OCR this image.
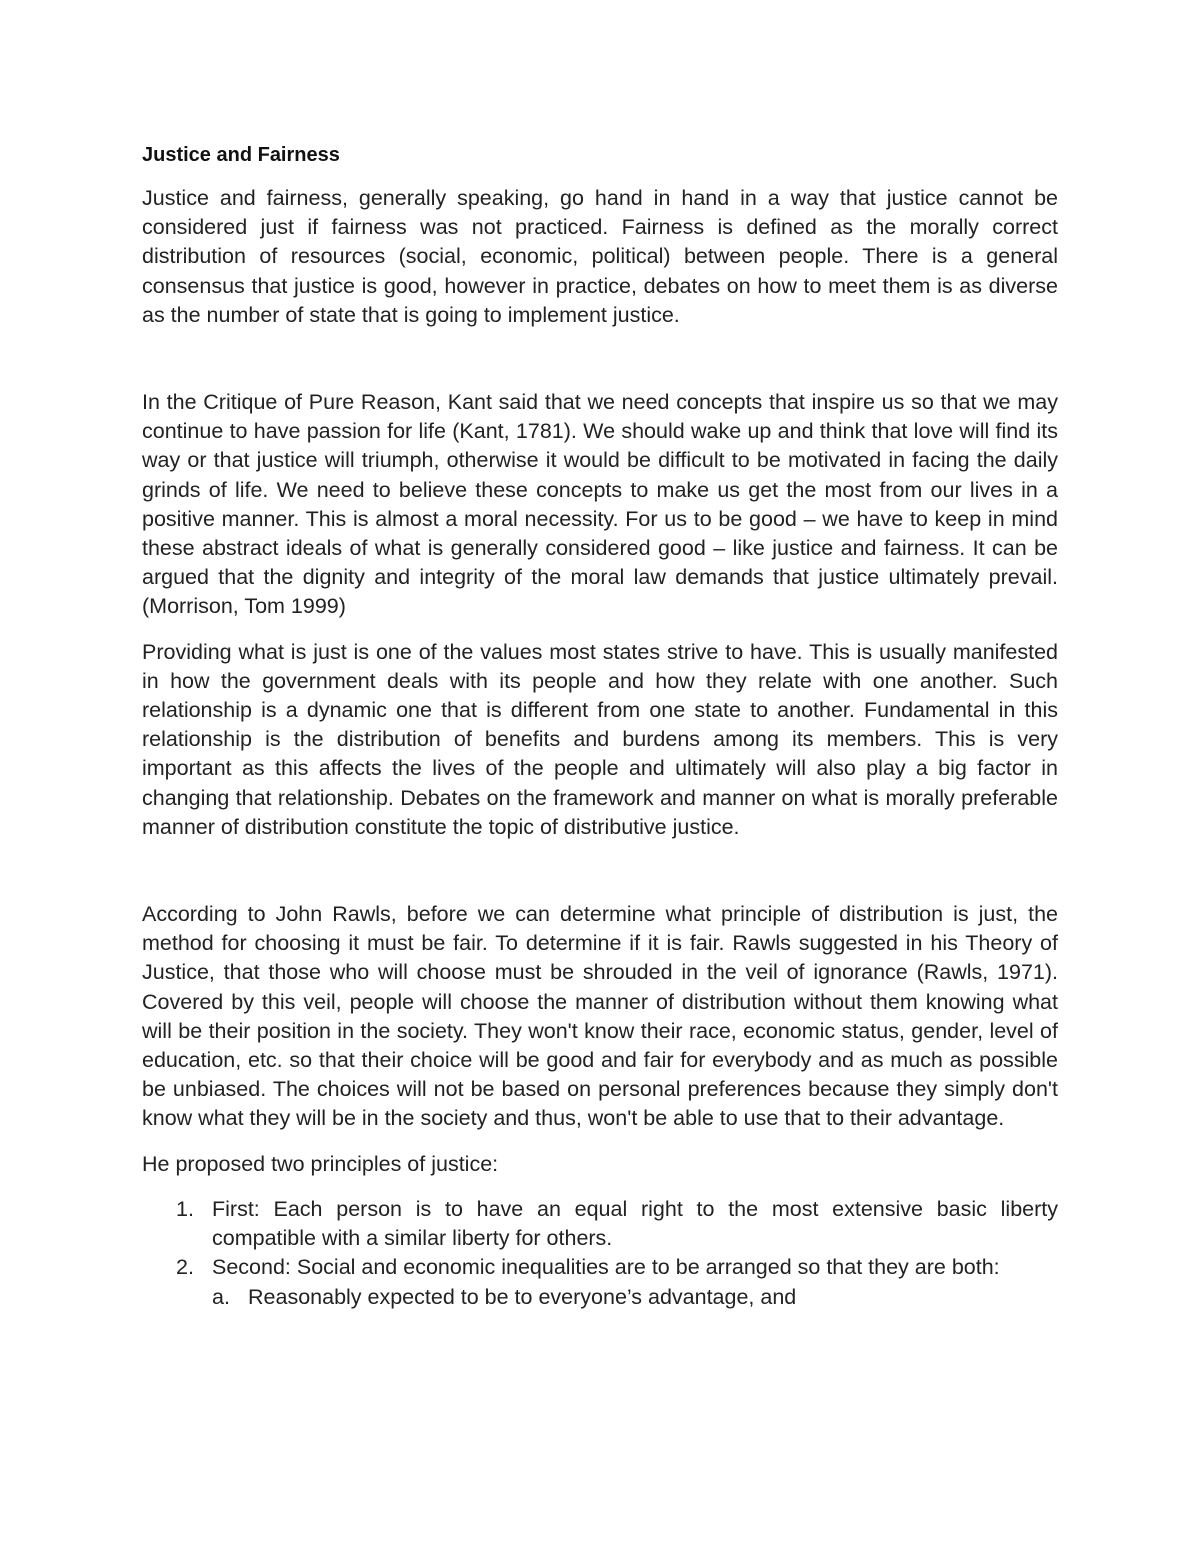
Justice and Fairness

Justice and fairness, generally speaking, go hand in hand in a way that justice cannot be considered just if fairness was not practiced. Fairness is defined as the morally correct distribution of resources (social, economic, political) between people. There is a general consensus that justice is good, however in practice, debates on how to meet them is as diverse as the number of state that is going to implement justice.

In the Critique of Pure Reason, Kant said that we need concepts that inspire us so that we may continue to have passion for life (Kant, 1781). We should wake up and think that love will find its way or that justice will triumph, otherwise it would be difficult to be motivated in facing the daily grinds of life. We need to believe these concepts to make us get the most from our lives in a positive manner. This is almost a moral necessity. For us to be good – we have to keep in mind these abstract ideals of what is generally considered good – like justice and fairness. It can be argued that the dignity and integrity of the moral law demands that justice ultimately prevail. (Morrison, Tom 1999)

Providing what is just is one of the values most states strive to have. This is usually manifested in how the government deals with its people and how they relate with one another. Such relationship is a dynamic one that is different from one state to another. Fundamental in this relationship is the distribution of benefits and burdens among its members. This is very important as this affects the lives of the people and ultimately will also play a big factor in changing that relationship. Debates on the framework and manner on what is morally preferable manner of distribution constitute the topic of distributive justice.

According to John Rawls, before we can determine what principle of distribution is just, the method for choosing it must be fair. To determine if it is fair. Rawls suggested in his Theory of Justice, that those who will choose must be shrouded in the veil of ignorance (Rawls, 1971). Covered by this veil, people will choose the manner of distribution without them knowing what will be their position in the society. They won't know their race, economic status, gender, level of education, etc. so that their choice will be good and fair for everybody and as much as possible be unbiased. The choices will not be based on personal preferences because they simply don't know what they will be in the society and thus, won't be able to use that to their advantage.

He proposed two principles of justice:

1. First: Each person is to have an equal right to the most extensive basic liberty compatible with a similar liberty for others.
2. Second: Social and economic inequalities are to be arranged so that they are both:
a. Reasonably expected to be to everyone’s advantage, and
